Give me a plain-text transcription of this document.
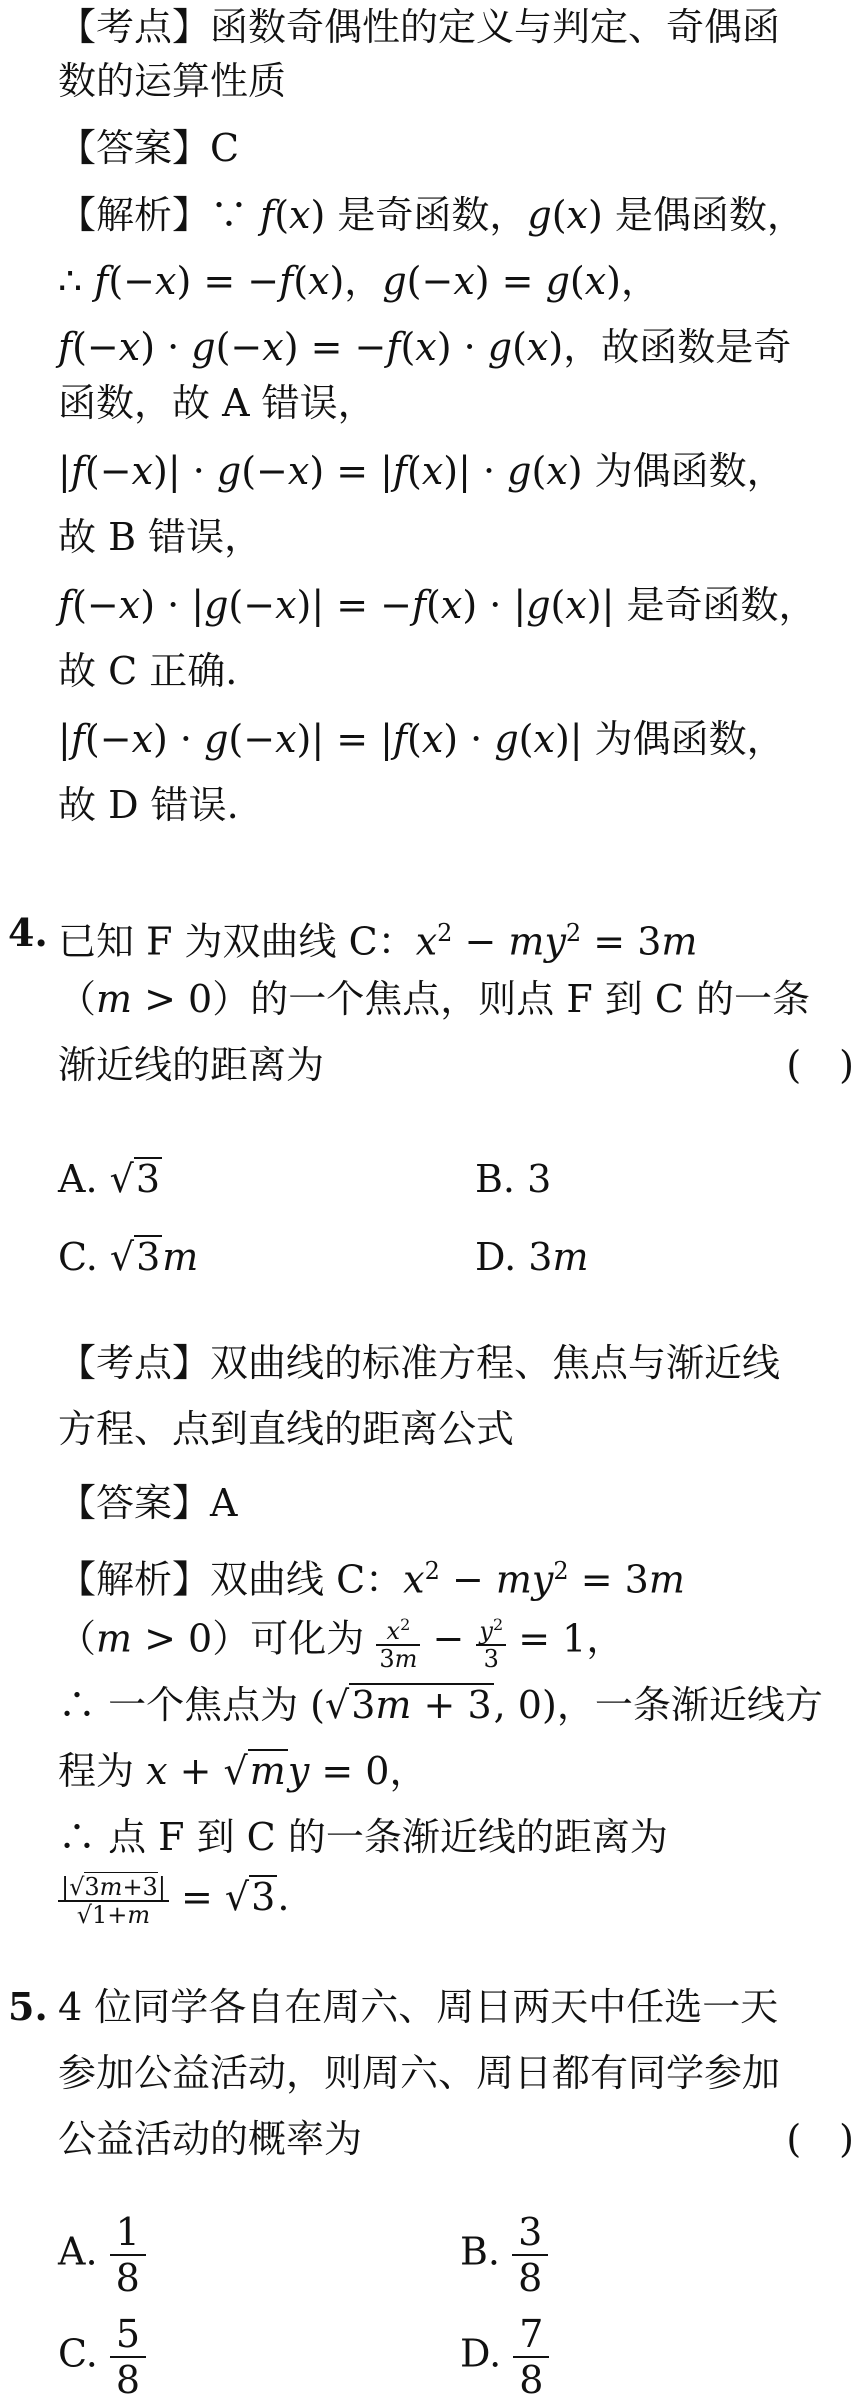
【考点】函数奇偶性的定义与判定、奇偶函
数的运算性质
【答案】C
【解析】∵ f(x) 是奇函数，g(x) 是偶函数，
∴ f(−x) = −f(x)，g(−x) = g(x)，
f(−x) · g(−x) = −f(x) · g(x)，故函数是奇
函数，故 A 错误，
|f(−x)| · g(−x) = |f(x)| · g(x) 为偶函数，
故 B 错误，
f(−x) · |g(−x)| = −f(x) · |g(x)| 是奇函数，
故 C 正确.
|f(−x) · g(−x)| = |f(x) · g(x)| 为偶函数，
故 D 错误.
4. 已知 F 为双曲线 C：$x^2 - my^2 = 3m$
（m > 0）的一个焦点，则点 F 到 C 的一条
渐近线的距离为	(　)
A. √3	B. 3
C. √3m	D. 3m
【考点】双曲线的标准方程、焦点与渐近线
方程、点到直线的距离公式
【答案】A
【解析】双曲线 C：$x^2 - my^2 = 3m$
（m > 0）可化为 $\frac{x^2}{3m} - \frac{y^2}{3} = 1$，
∴ 一个焦点为 (√3m + 3, 0)，一条渐近线方
程为 x + √my = 0，
∴ 点 F 到 C 的一条渐近线的距离为
$\frac{|√3m+3|}{√1+m} = √3$.
5. 4 位同学各自在周六、周日两天中任选一天
参加公益活动，则周六、周日都有同学参加
公益活动的概率为	(　)
A. $\frac{1}{8}$	B. $\frac{3}{8}$
C. $\frac{5}{8}$	D. $\frac{7}{8}$
